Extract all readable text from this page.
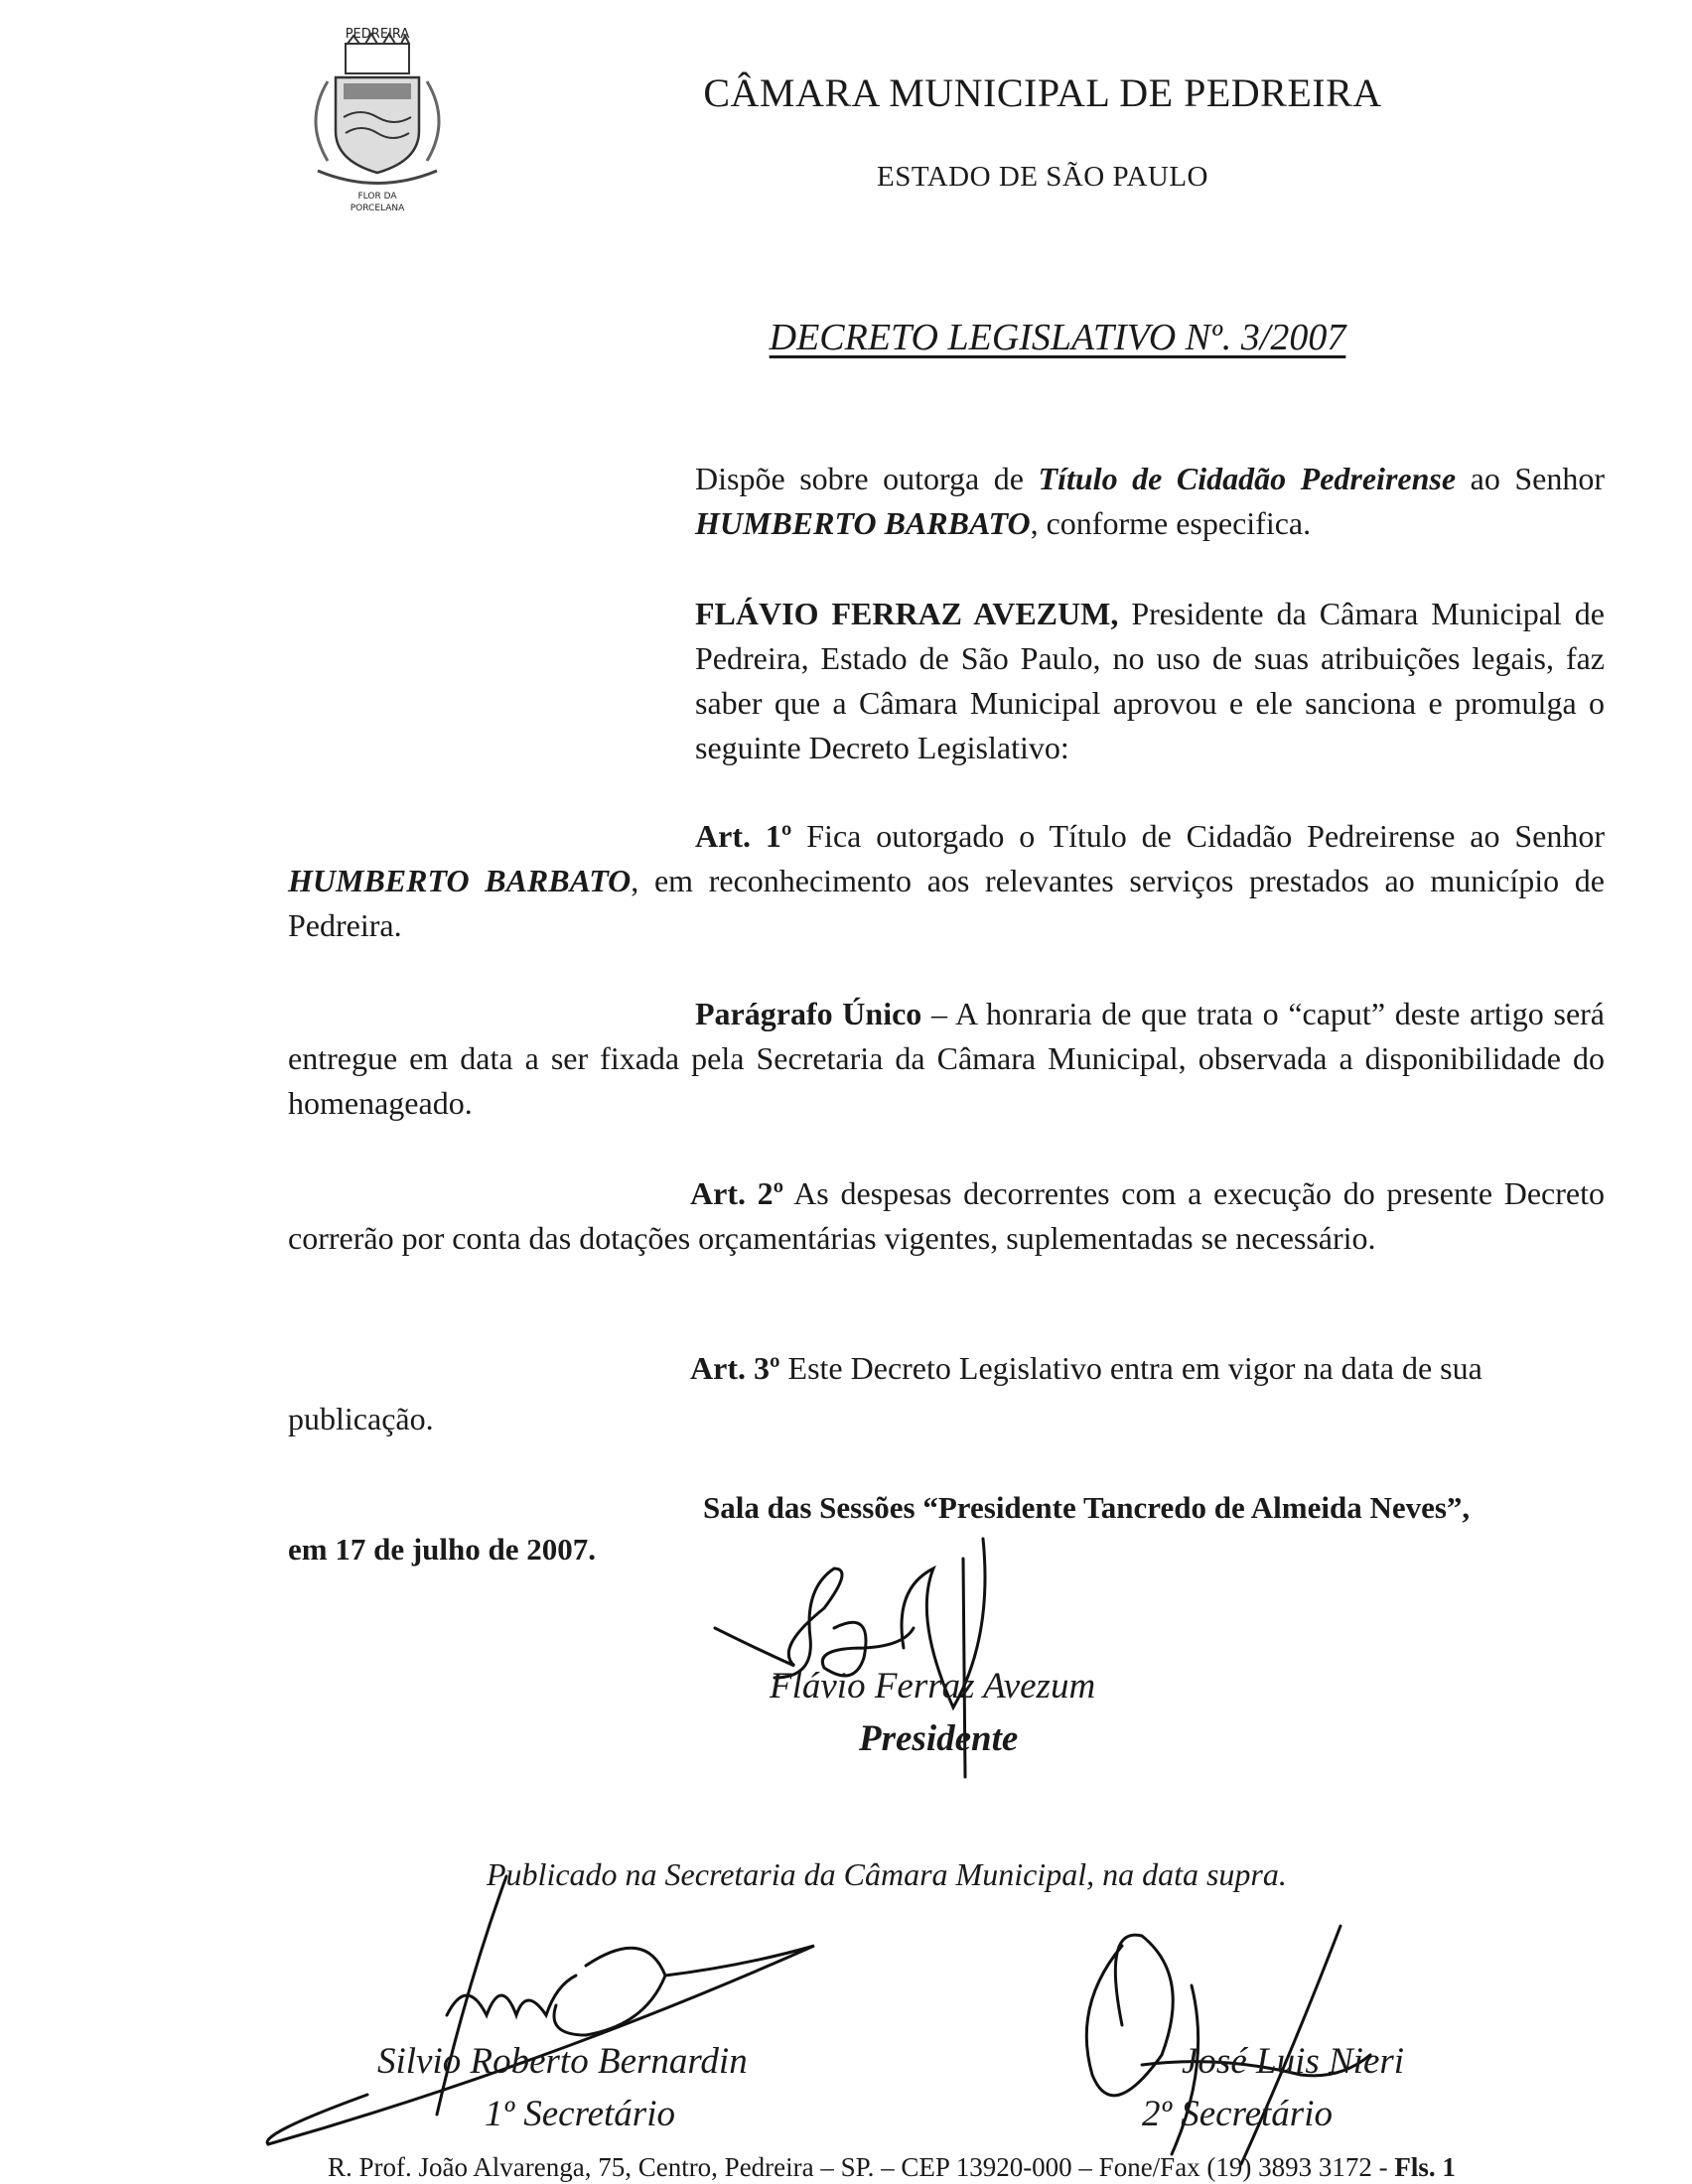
PEDREIRA
FLOR DA
PORCELANA
CÂMARA MUNICIPAL DE PEDREIRA
ESTADO DE SÃO PAULO
DECRETO LEGISLATIVO Nº. 3/2007
Dispõe sobre outorga de Título de Cidadão Pedreirense ao Senhor HUMBERTO BARBATO, conforme especifica.
FLÁVIO FERRAZ AVEZUM, Presidente da Câmara Municipal de Pedreira, Estado de São Paulo, no uso de suas atribuições legais, faz saber que a Câmara Municipal aprovou e ele sanciona e promulga o seguinte Decreto Legislativo:
Art. 1º Fica outorgado o Título de Cidadão Pedreirense ao Senhor HUMBERTO BARBATO, em reconhecimento aos relevantes serviços prestados ao município de Pedreira.
Parágrafo Único – A honraria de que trata o “caput” deste artigo será entregue em data a ser fixada pela Secretaria da Câmara Municipal, observada a disponibilidade do homenageado.
Art. 2º As despesas decorrentes com a execução do presente Decreto correrão por conta das dotações orçamentárias vigentes, suplementadas se necessário.
Art. 3º Este Decreto Legislativo entra em vigor na data de sua
publicação.
Sala das Sessões “Presidente Tancredo de Almeida Neves”,
em 17 de julho de 2007.
Flávio Ferraz Avezum
Presidente
Publicado na Secretaria da Câmara Municipal, na data supra.
Silvio Roberto Bernardin
1º Secretário
José Luis Nieri
2º Secretário
R. Prof. João Alvarenga, 75, Centro, Pedreira – SP. – CEP 13920-000 – Fone/Fax (19) 3893 3172 - Fls. 1
